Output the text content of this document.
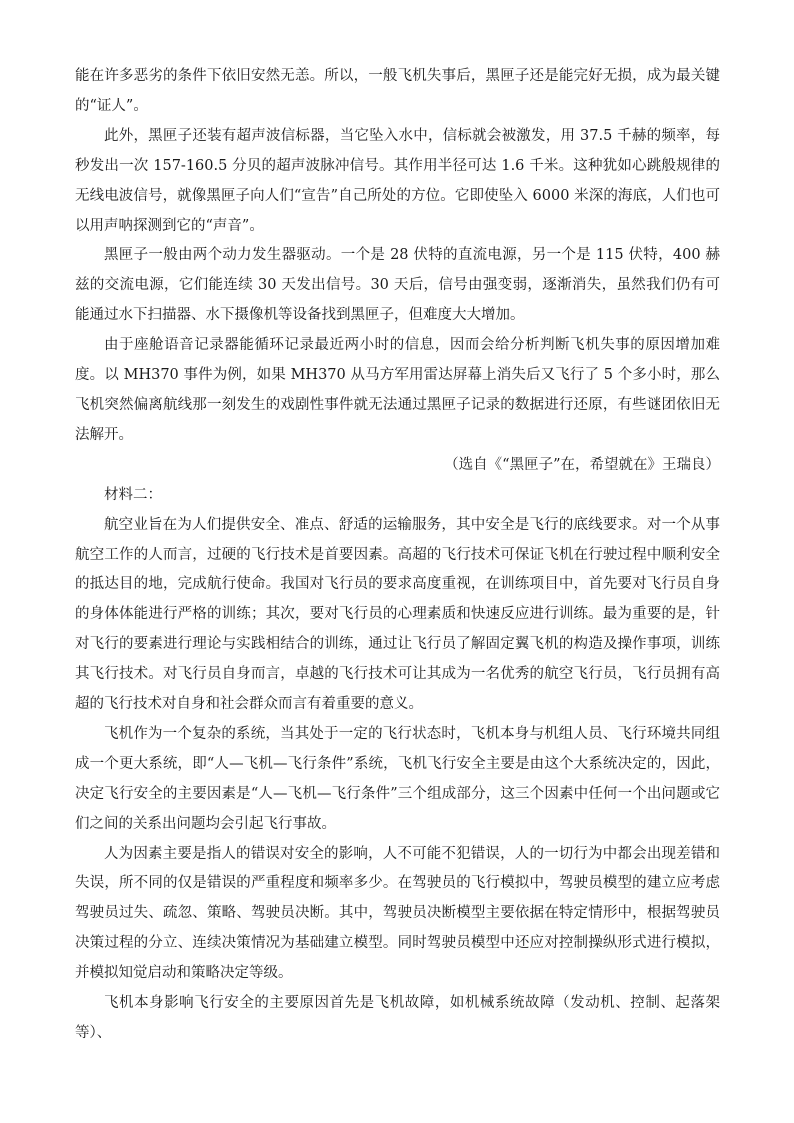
能在许多恶劣的条件下依旧安然无恙。所以，一般飞机失事后，黑匣子还是能完好无损，成为最关键的“证人”。

此外，黑匣子还装有超声波信标器，当它坠入水中，信标就会被激发，用 37.5 千赫的频率，每秒发出一次 157-160.5 分贝的超声波脉冲信号。其作用半径可达 1.6 千米。这种犹如心跳般规律的无线电波信号，就像黑匣子向人们“宣告”自己所处的方位。它即使坠入 6000 米深的海底，人们也可以用声呐探测到它的“声音”。

黑匣子一般由两个动力发生器驱动。一个是 28 伏特的直流电源，另一个是 115 伏特，400 赫兹的交流电源，它们能连续 30 天发出信号。30 天后，信号由强变弱，逐渐消失，虽然我们仍有可能通过水下扫描器、水下摄像机等设备找到黑匣子，但难度大大增加。

由于座舱语音记录器能循环记录最近两小时的信息，因而会给分析判断飞机失事的原因增加难度。以 MH370 事件为例，如果 MH370 从马方军用雷达屏幕上消失后又飞行了 5 个多小时，那么飞机突然偏离航线那一刻发生的戏剧性事件就无法通过黑匣子记录的数据进行还原，有些谜团依旧无法解开。

（选自《“黑匣子”在，希望就在》王瑞良）

材料二：

航空业旨在为人们提供安全、准点、舒适的运输服务，其中安全是飞行的底线要求。对一个从事航空工作的人而言，过硬的飞行技术是首要因素。高超的飞行技术可保证飞机在行驶过程中顺利安全的抵达目的地，完成航行使命。我国对飞行员的要求高度重视，在训练项目中，首先要对飞行员自身的身体体能进行严格的训练；其次，要对飞行员的心理素质和快速反应进行训练。最为重要的是，针对飞行的要素进行理论与实践相结合的训练，通过让飞行员了解固定翼飞机的构造及操作事项，训练其飞行技术。对飞行员自身而言，卓越的飞行技术可让其成为一名优秀的航空飞行员，飞行员拥有高超的飞行技术对自身和社会群众而言有着重要的意义。

飞机作为一个复杂的系统，当其处于一定的飞行状态时，飞机本身与机组人员、飞行环境共同组成一个更大系统，即“人—飞机—飞行条件”系统，飞机飞行安全主要是由这个大系统决定的，因此，决定飞行安全的主要因素是“人—飞机—飞行条件”三个组成部分，这三个因素中任何一个出问题或它们之间的关系出问题均会引起飞行事故。

人为因素主要是指人的错误对安全的影响，人不可能不犯错误，人的一切行为中都会出现差错和失误，所不同的仅是错误的严重程度和频率多少。在驾驶员的飞行模拟中，驾驶员模型的建立应考虑驾驶员过失、疏忽、策略、驾驶员决断。其中，驾驶员决断模型主要依据在特定情形中，根据驾驶员决策过程的分立、连续决策情况为基础建立模型。同时驾驶员模型中还应对控制操纵形式进行模拟，并模拟知觉启动和策略决定等级。

飞机本身影响飞行安全的主要原因首先是飞机故障，如机械系统故障（发动机、控制、起落架等）、
